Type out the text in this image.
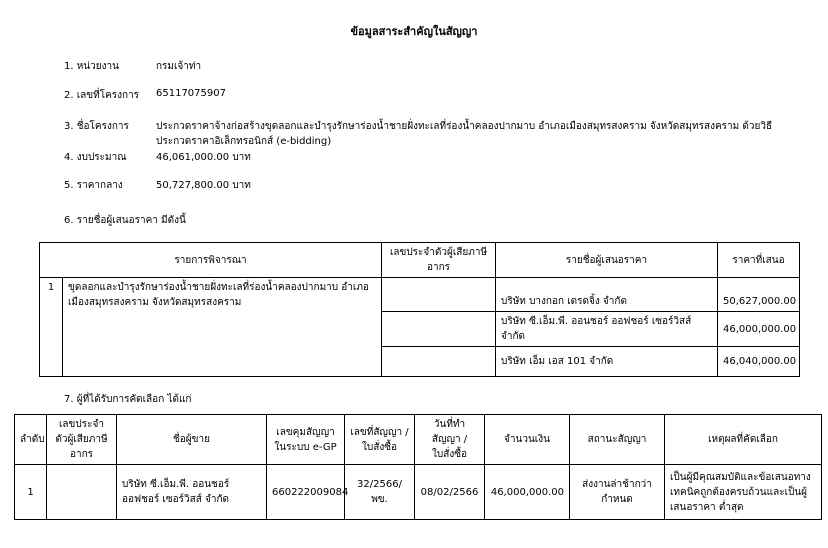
ข้อมูลสาระสำคัญในสัญญา
1. หน่วยงาน	กรมเจ้าท่า
2. เลขที่โครงการ 65117075907
3. ชื่อโครงการ	ประกวดราคาจ้างก่อสร้างขุดลอกและบำรุงรักษาร่องน้ำชายฝั่งทะเลที่ร่องน้ำคลองปากมาบ อำเภอเมืองสมุทรสงคราม จังหวัดสมุทรสงคราม ด้วยวิธีประกวดราคาอิเล็กทรอนิกส์ (e-bidding)
4. งบประมาณ	46,061,000.00 บาท
5. ราคากลาง	50,727,800.00 บาท
6. รายชื่อผู้เสนอราคา มีดังนี้
รายการพิจารณา		เลขประจำตัวผู้เสียภาษีอากร	รายชื่อผู้เสนอราคา	ราคาที่เสนอ
1	ขุดลอกและบำรุงรักษาร่องน้ำชายฝั่งทะเลที่ร่องน้ำคลองปากมาบ อำเภอเมืองสมุทรสงคราม จังหวัดสมุทรสงคราม		บริษัท บางกอก เดรดจิ้ง จำกัด	50,627,000.00
			บริษัท ซี.เอ็ม.พี. ออนชอร์ ออฟชอร์ เซอร์วิสส์ จำกัด	46,000,000.00
			บริษัท เอ็ม เอส 101 จำกัด	46,040,000.00
7. ผู้ที่ได้รับการคัดเลือก ได้แก่
ลำดับ	เลขประจำตัวผู้เสียภาษีอากร	ชื่อผู้ขาย	เลขคุมสัญญาในระบบ e-GP	เลขที่สัญญา / ใบสั่งซื้อ	วันที่ทำสัญญา / ใบสั่งซื้อ	จำนวนเงิน	สถานะสัญญา	เหตุผลที่คัดเลือก
1		บริษัท ซี.เอ็ม.พี. ออนชอร์ ออฟชอร์ เซอร์วิสส์ จำกัด	660222009084	32/2566/พข.	08/02/2566	46,000,000.00	ส่งงานล่าช้ากว่ากำหนด	เป็นผู้มีคุณสมบัติและข้อเสนอทางเทคนิคถูกต้องครบถ้วนและเป็นผู้เสนอราคา ต่ำสุด
